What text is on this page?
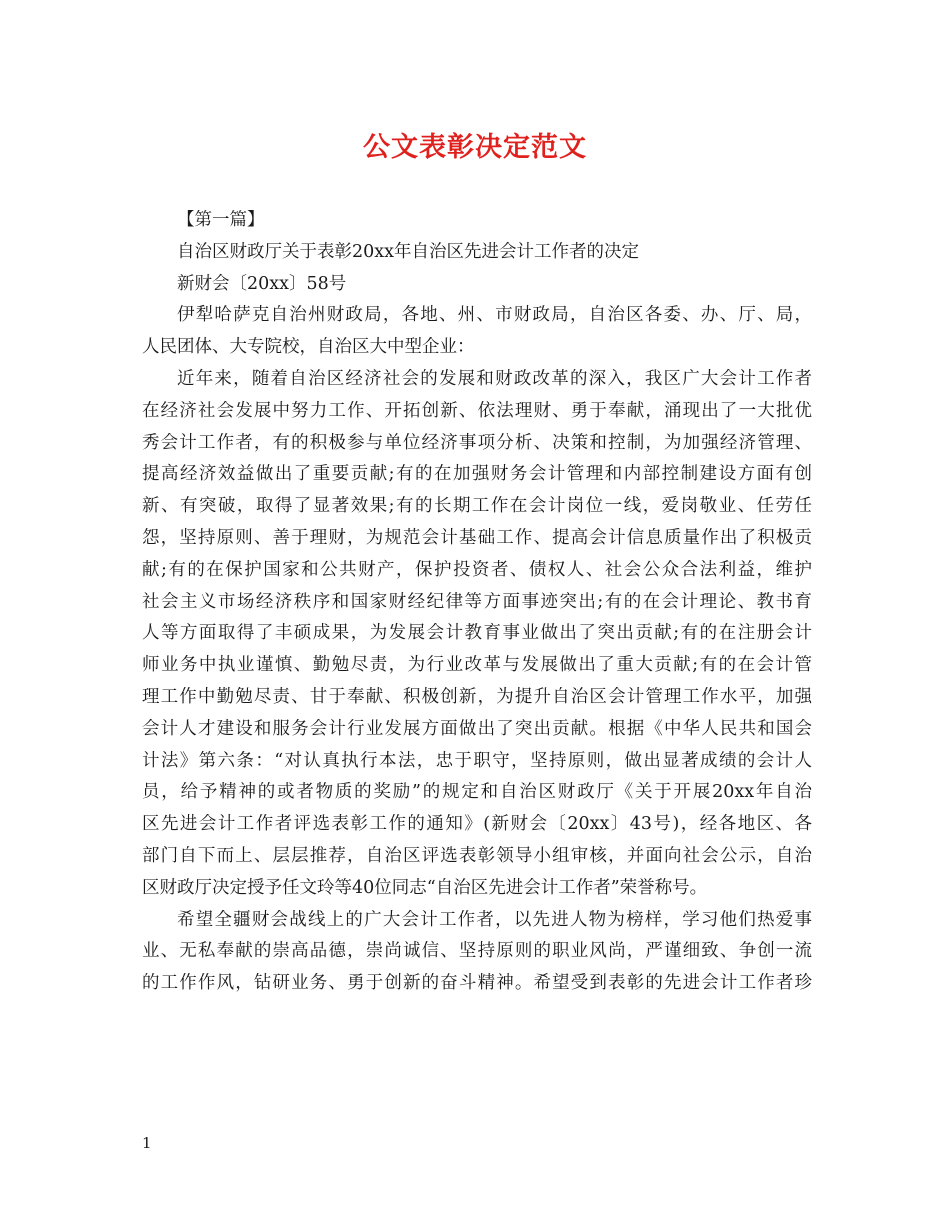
公文表彰决定范文
【第一篇】
自治区财政厅关于表彰20xx年自治区先进会计工作者的决定
新财会〔20xx〕58号
伊犁哈萨克自治州财政局，各地、州、市财政局，自治区各委、办、厅、局，
人民团体、大专院校，自治区大中型企业：
近年来，随着自治区经济社会的发展和财政改革的深入，我区广大会计工作者
在经济社会发展中努力工作、开拓创新、依法理财、勇于奉献，涌现出了一大批优
秀会计工作者，有的积极参与单位经济事项分析、决策和控制，为加强经济管理、
提高经济效益做出了重要贡献;有的在加强财务会计管理和内部控制建设方面有创
新、有突破，取得了显著效果;有的长期工作在会计岗位一线，爱岗敬业、任劳任
怨，坚持原则、善于理财，为规范会计基础工作、提高会计信息质量作出了积极贡
献;有的在保护国家和公共财产，保护投资者、债权人、社会公众合法利益，维护
社会主义市场经济秩序和国家财经纪律等方面事迹突出;有的在会计理论、教书育
人等方面取得了丰硕成果，为发展会计教育事业做出了突出贡献;有的在注册会计
师业务中执业谨慎、勤勉尽责，为行业改革与发展做出了重大贡献;有的在会计管
理工作中勤勉尽责、甘于奉献、积极创新，为提升自治区会计管理工作水平，加强
会计人才建设和服务会计行业发展方面做出了突出贡献。根据《中华人民共和国会
计法》第六条：“对认真执行本法，忠于职守，坚持原则，做出显著成绩的会计人
员，给予精神的或者物质的奖励”的规定和自治区财政厅《关于开展20xx年自治
区先进会计工作者评选表彰工作的通知》(新财会〔20xx〕43号)，经各地区、各
部门自下而上、层层推荐，自治区评选表彰领导小组审核，并面向社会公示，自治
区财政厅决定授予任文玲等40位同志“自治区先进会计工作者”荣誉称号。
希望全疆财会战线上的广大会计工作者，以先进人物为榜样，学习他们热爱事
业、无私奉献的崇高品德，崇尚诚信、坚持原则的职业风尚，严谨细致、争创一流
的工作作风，钻研业务、勇于创新的奋斗精神。希望受到表彰的先进会计工作者珍
1
